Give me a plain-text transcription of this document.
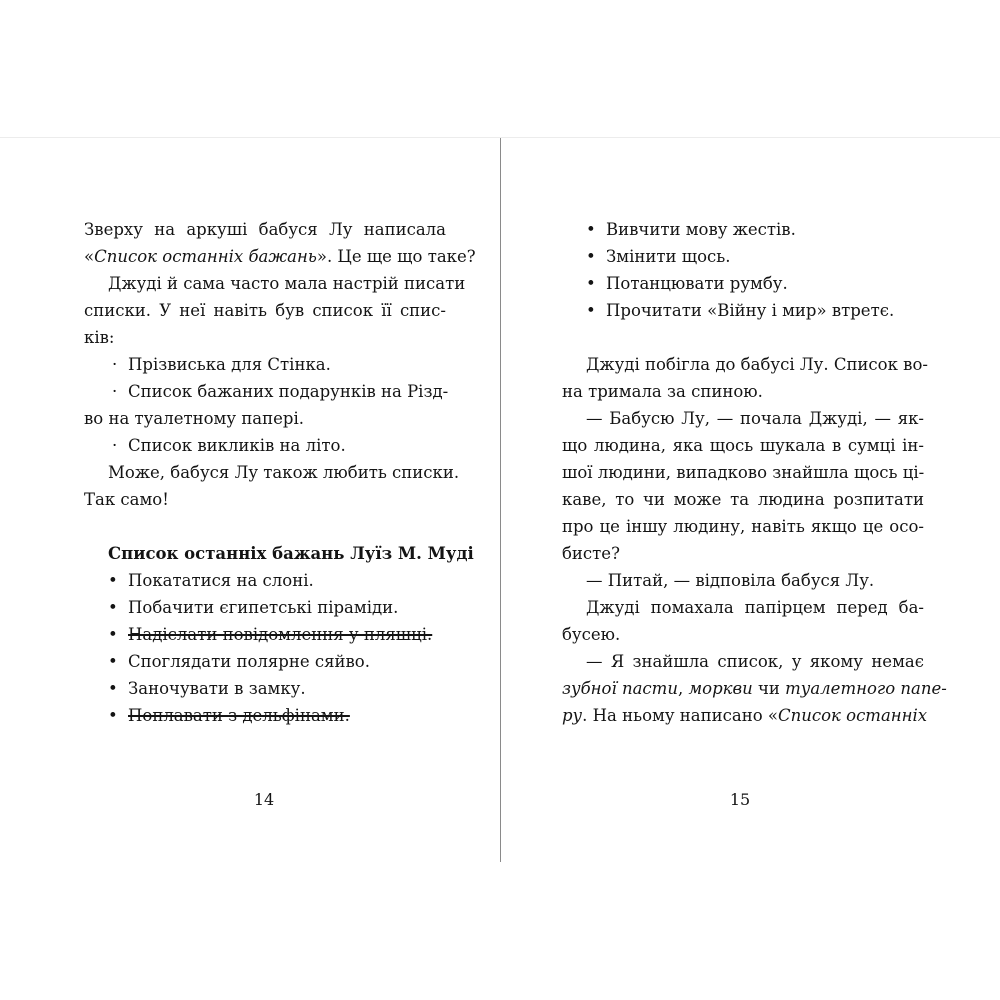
Зверху на аркуші бабуся Лу написала
«Список останніх бажань». Це ще що таке?
Джуді й сама часто мала настрій писати
списки. У неї навіть був список її спис-
ків:
· Прізвиська для Стінка.
· Список бажаних подарунків на Різд-
во на туалетному папері.
· Список викликів на літо.
Може, бабуся Лу також любить списки.
Так само!
Список останніх бажань Луїз М. Муді
• Покататися на слоні.
• Побачити єгипетські піраміди.
• Надіслати повідомлення у пляшці.
• Споглядати полярне сяйво.
• Заночувати в замку.
• Поплавати з дельфінами.
14
• Вивчити мову жестів.
• Змінити щось.
• Потанцювати румбу.
• Прочитати «Війну і мир» втретє.
Джуді побігла до бабусі Лу. Список во-
на тримала за спиною.
— Бабусю Лу, — почала Джуді, — як-
що людина, яка щось шукала в сумці ін-
шої людини, випадково знайшла щось ці-
каве, то чи може та людина розпитати
про це іншу людину, навіть якщо це осо-
бисте?
— Питай, — відповіла бабуся Лу.
Джуді помахала папірцем перед ба-
бусею.
— Я знайшла список, у якому немає
зубної пасти, моркви чи туалетного папе-
ру. На ньому написано «Список останніх
15
